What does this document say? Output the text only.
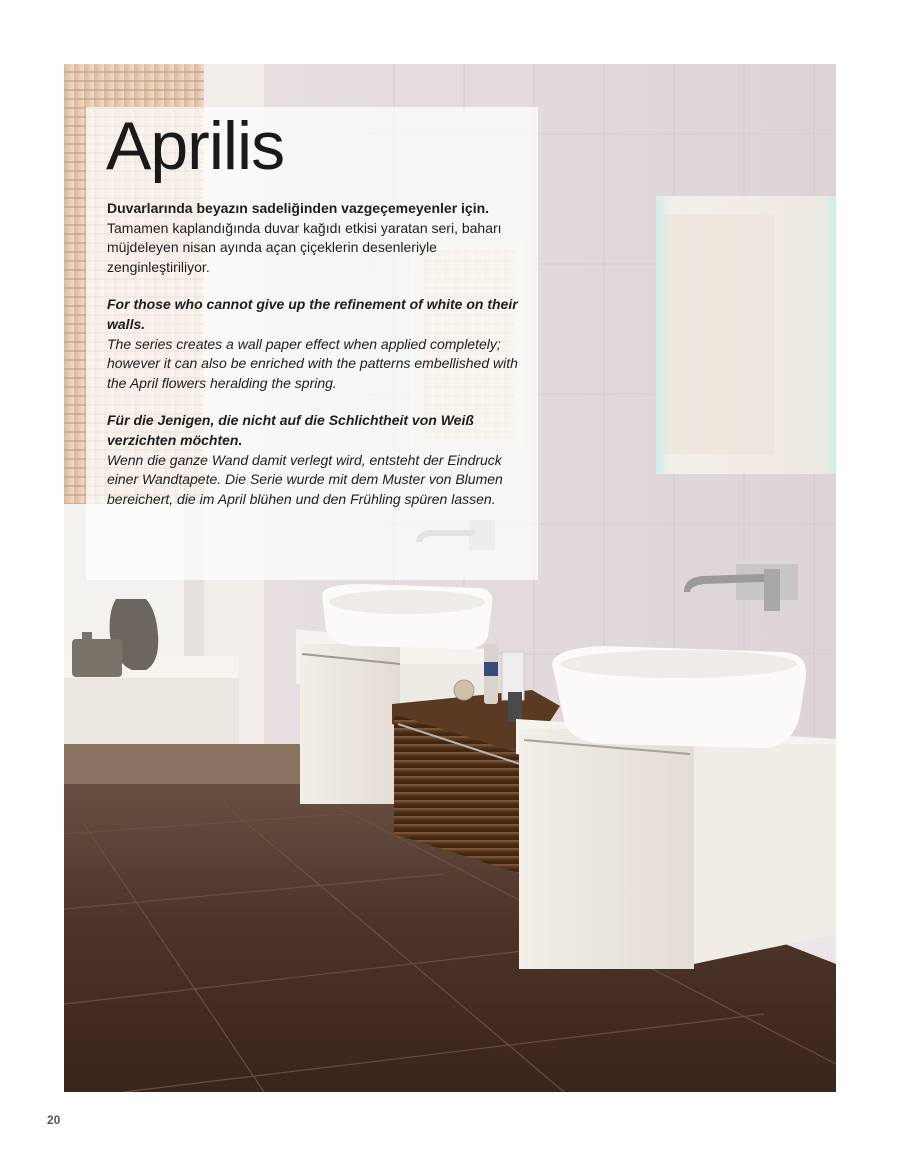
Aprilis

Duvarlarında beyazın sadeliğinden vazgeçemeyenler için.

Tamamen kaplandığında duvar kağıdı etkisi yaratan seri, baharı müjdeleyen nisan ayında açan çiçeklerin desenleriyle zenginleştiriliyor.

For those who cannot give up the refinement of white on their walls.

The series creates a wall paper effect when applied completely; however it can also be enriched with the patterns embellished with the April flowers heralding the spring.

Für die Jenigen, die nicht auf die Schlichtheit von Weiß verzichten möchten.

Wenn die ganze Wand damit verlegt wird, entsteht der Eindruck einer Wandtapete. Die Serie wurde mit dem Muster von Blumen bereichert, die im April blühen und den Frühling spüren lassen.

20
